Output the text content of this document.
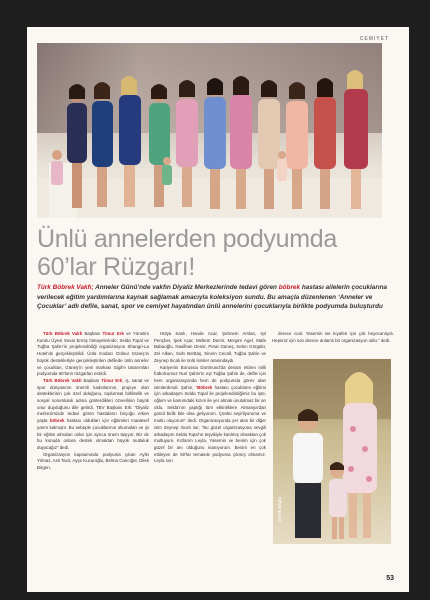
CEMIYET
Ünlü annelerden podyumda
60’lar Rüzgarı!

Türk Böbrek Vakfı; Anneler Günü’nde vakfın Diyaliz Merkezlerinde tedavi gören böbrek hastası ailelerin çocuklarına verilecek eğitim yardımlarına kaynak sağlamak amacıyla koleksiyon sundu. Bu amaçla düzenlenen ‘Anneler ve Çocuklar’ adlı defile, sanat, spor ve cemiyet hayatından ünlü annelerini çocuklarıyla birlikte podyumda buluşturdu

Türk Böbrek Vakfı Başkanı Timur Erk ve Yönetim Kurulu Üyesi Sevai Ermiş himayelerinde; Selda Topal ve Tuğba Şahin’in projelendirdiği organizasyon Shangri-La Hotel’de gerçekleştirildi. Ünlü modacı Gülnur Güneş’in büyük desteklerlyle gerçekleştirilen defilede ünlü anneler ve çocukları, Güneş’in yeni markası Gigil’e tasarımları podyumda 60’ların rüzgarları estirdi.

Türk Böbrek Vakfı Başkanı Timur Erk; iş, sanat ve spor dünyasının önemli kadınlarının, projeye olan desteklerinin çok özel olduğunu, toplumsal birliktelik ve sosyal sorumluluk adına gösterdikleri özverilinin büyük onur duyduğunu dile getirdi. TBV Başkanı Erk: “Diyaliz merkezimizde tedavi gören hastaların birçoğu erken yaşta böbrek hastası oldukları için eğitimleri maalesef yarım kalmıştır. Bu sebeple çocuklarının okumaları ve iyi bir eğitim almaları onlar için ayrıca önem taşıyor. Biz de bu konuda onlara destek olmaktan büyük mutluluk duyacağız” dedi.

Organizasyon kapsamında podyuma çıkan Aylin Yılmaz, Aslı Tacir, Ayşe Kucuroğlu, Belma Cancığer, Dilek Birgen,

Hülya Kanlı, Hande Acar, Şebnem Arslan, Işıl Pençber, İpek Açar, Meltem Demir, Mergim Agel, Mafa Babaoğlu, Nasilhan Demir, Pınar Güneş, Selen Görgülü, Zel Alkan, Sıdrı Berttaş, Sinem Cecall, Tuğba Şahin ve Zeynep Ilıcalı ile ünlü isimler arasındaydı.

Kariyerini Borussia Dortmund’da devam ettiren milli futbolcumuz Nuri Şahin’in eşi Tuğba Şahin de, defile için hem organizasyonda hem de podyumda görev alan isimlerdendi. Şahin, “Böbrek hastası çocukların eğitimi için arkadaşım Selda Topal ile projelendirdiğimiz bu işte, oğlum ve kamımdaki kızım ile yer almak unutulmaz bir an oldu. Selda’nın yaptığı tüm etkinliklere Almanya’dan gönül birlik bile olsa geliyorum. Çünkü seyirliyoruma ve mutlu oluyorum” dedi. Organizasyonda yer alan bir diğer isim Zeynep Ilıcalı ise; “Bu güzel organizasyona sevgili arkadaşım Selda Topal’ın teşvikiyle katılmış olmaktan çok mutluyum. Kızlarım Leyla, Yasemin ve benim için çok güzel bir anı olduğunu inanıyorum. Benim en çok ettileyen de 60’lar temasıle podyuma çıkmış olmamız. Leyla son

derece cool. Yasemin ise kıyafeti için çok heyecanlıydı. Hepimiz için son derece anlamlı bir organizasyon oldu.” dedi.

Zirvek Bilgisi
53
